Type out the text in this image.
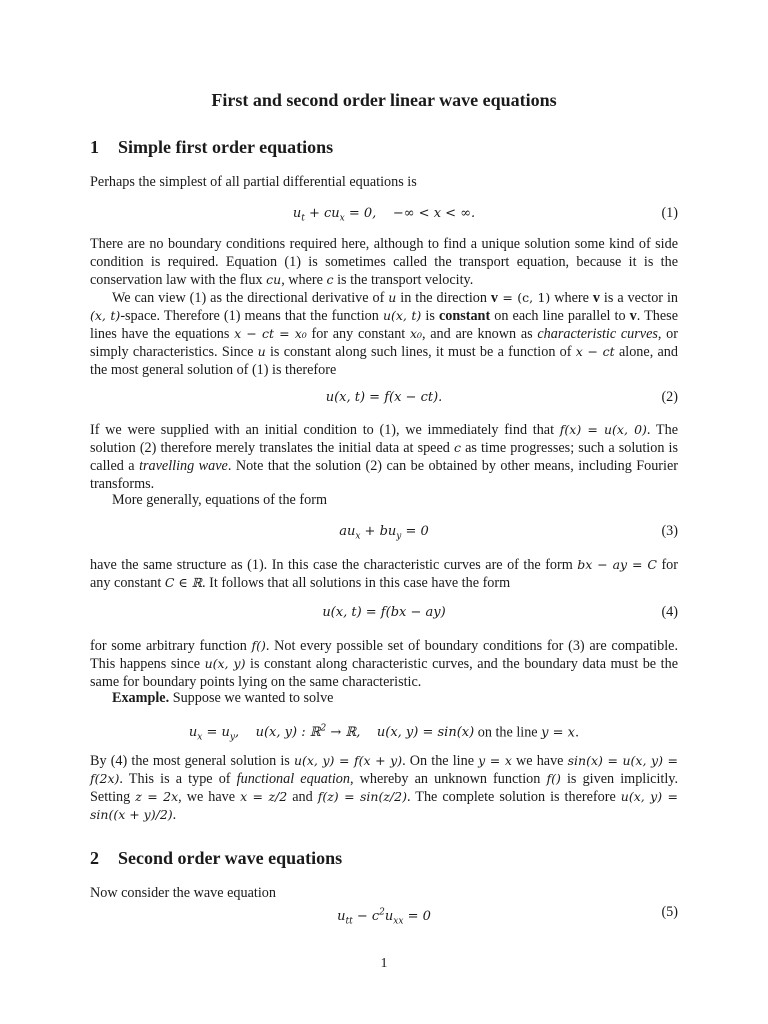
First and second order linear wave equations
1 Simple first order equations
Perhaps the simplest of all partial differential equations is
$u_t + cu_x = 0$,    −∞ < x < ∞.	(1)
There are no boundary conditions required here, although to find a unique solution some kind of side condition is required. Equation (1) is sometimes called the transport equation, because it is the conservation law with the flux cu, where c is the transport velocity.
We can view (1) as the directional derivative of u in the direction v = (c, 1) where v is a vector in (x, t)-space. Therefore (1) means that the function u(x, t) is constant on each line parallel to v. These lines have the equations x − ct = x₀ for any constant x₀, and are known as characteristic curves, or simply characteristics. Since u is constant along such lines, it must be a function of x − ct alone, and the most general solution of (1) is therefore
u(x, t) = f(x − ct).	(2)
If we were supplied with an initial condition to (1), we immediately find that f(x) = u(x, 0). The solution (2) therefore merely translates the initial data at speed c as time progresses; such a solution is called a travelling wave. Note that the solution (2) can be obtained by other means, including Fourier transforms.
More generally, equations of the form
$au_x + bu_y = 0$	(3)
have the same structure as (1). In this case the characteristic curves are of the form bx − ay = C for any constant C ∈ ℝ. It follows that all solutions in this case have the form
u(x, t) = f(bx − ay)	(4)
for some arbitrary function f(). Not every possible set of boundary conditions for (3) are compatible. This happens since u(x, y) is constant along characteristic curves, and the boundary data must be the same for boundary points lying on the same characteristic.
Example. Suppose we wanted to solve
$u_x = u_y$,    u(x, y) : ℝ$^2$ → ℝ,    u(x, y) = sin(x) on the line y = x.
By (4) the most general solution is u(x, y) = f(x + y). On the line y = x we have sin(x) = u(x, y) = f(2x). This is a type of functional equation, whereby an unknown function f() is given implicitly. Setting z = 2x, we have x = z/2 and f(z) = sin(z/2). The complete solution is therefore u(x, y) = sin((x + y)/2).
2 Second order wave equations
Now consider the wave equation
$u_{tt} - c^2u_{xx} = 0$	(5)
1
